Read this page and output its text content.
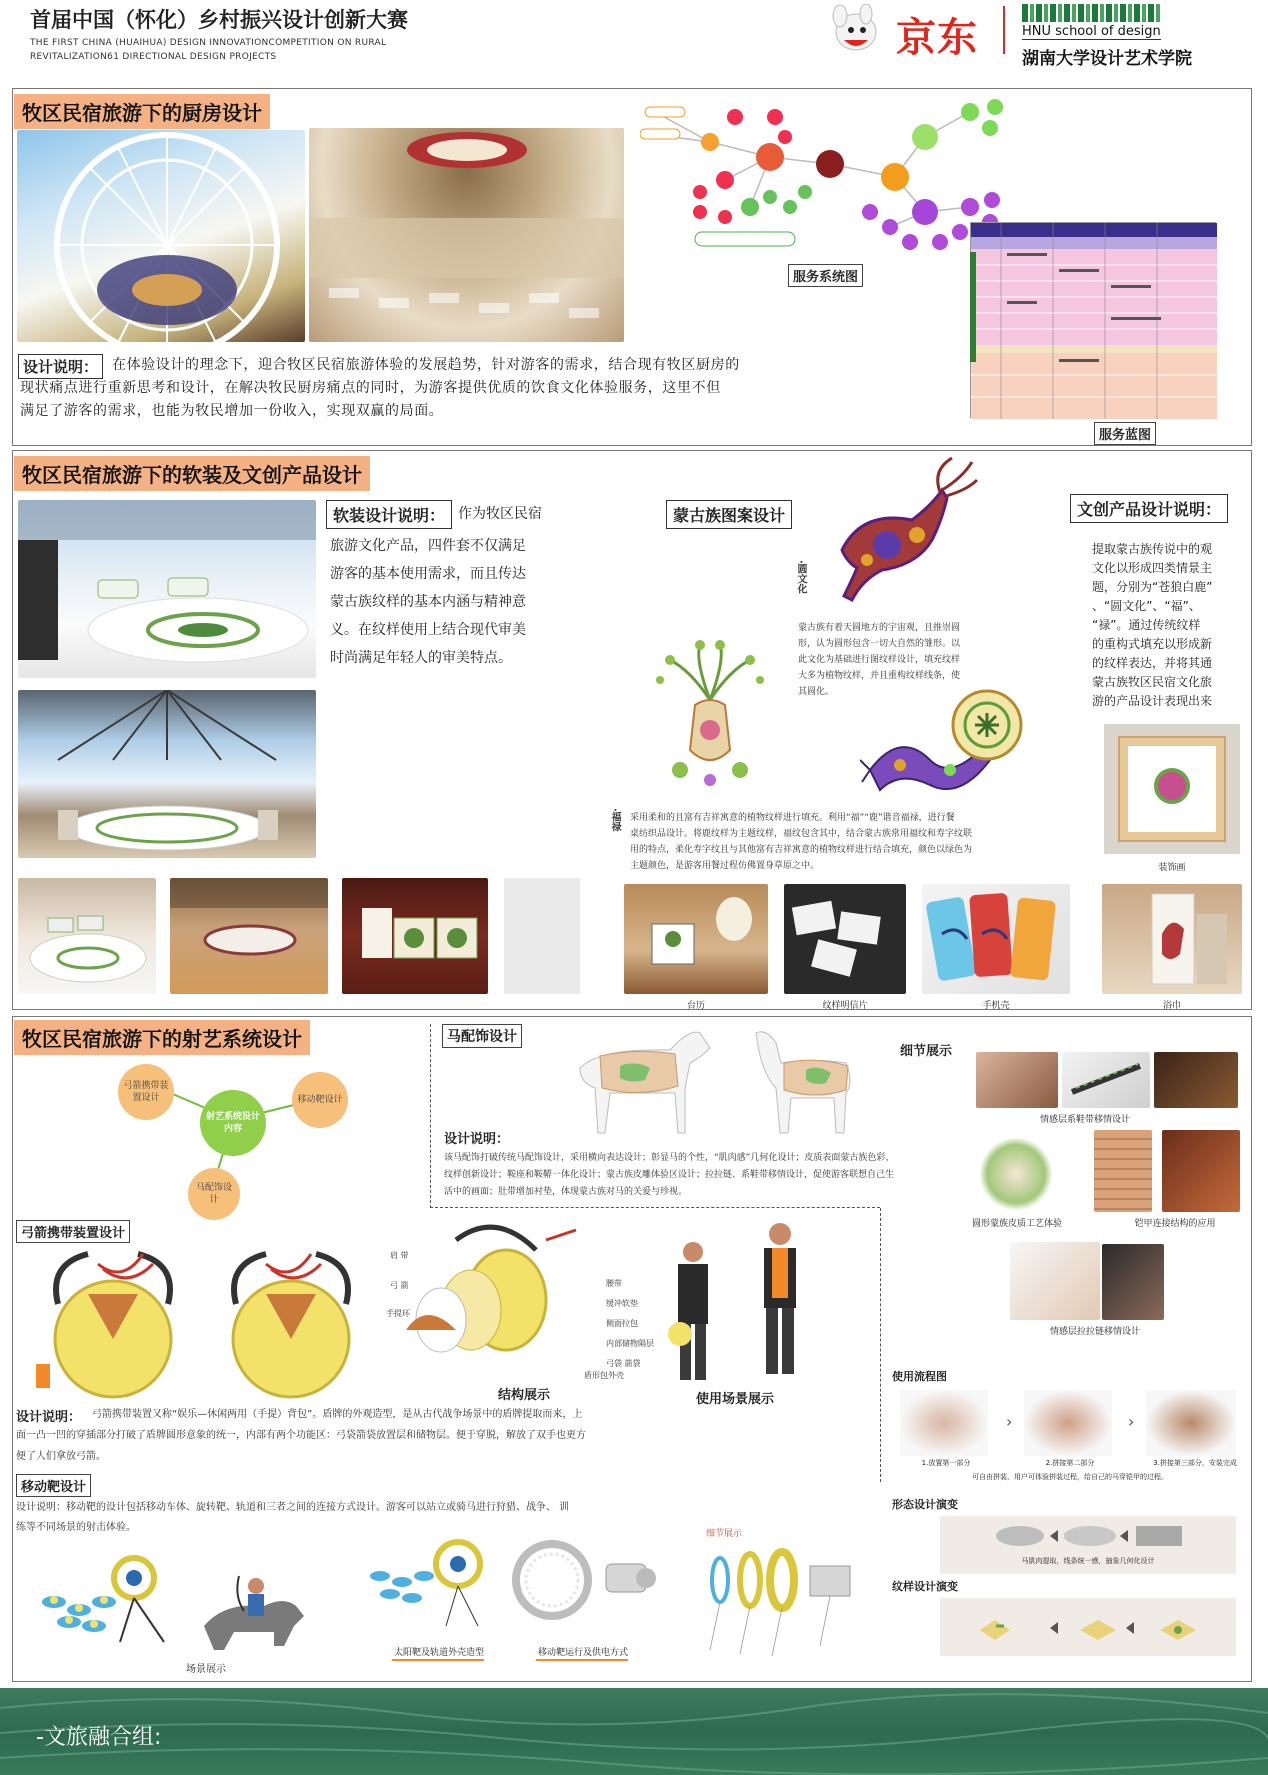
首届中国（怀化）乡村振兴设计创新大赛
THE FIRST CHINA (HUAIHUA) DESIGN INNOVATIONCOMPETITION ON RURAL
REVITALIZATION61 DIRECTIONAL DESIGN PROJECTS	京东	HNU school of design
湖南大学设计艺术学院
牧区民宿旅游下的厨房设计
服务系统图
服务蓝图
设计说明： 在体验设计的理念下，迎合牧区民宿旅游体验的发展趋势，针对游客的需求，结合现有牧区厨房的
现状痛点进行重新思考和设计，在解决牧民厨房痛点的同时，为游客提供优质的饮食文化体验服务，这里不但
满足了游客的需求，也能为牧民增加一份收入，实现双赢的局面。
牧区民宿旅游下的软装及文创产品设计
软装设计说明： 作为牧区民宿
旅游文化产品，四件套不仅满足
游客的基本使用需求，而且传达
蒙古族纹样的基本内涵与精神意
义。在纹样使用上结合现代审美
时尚满足年轻人的审美特点。
蒙古族图案设计
·圆文化
蒙古族有着天圆地方的宇宙观，且推崇圆
形，认为圆形包含一切大自然的雏形。以
此文化为基础进行图纹样设计，填充纹样
大多为植物纹样，并且重构纹样线条，使
其圆化。
·福禄 采用柔和的且富有吉祥寓意的植物纹样进行填充。利用“福”“鹿”谐音福禄，进行餐
桌纺织品设计。将鹿纹样为主题纹样，福纹包含其中，结合蒙古族常用福纹和寿字纹联
用的特点，柔化寿字纹且与其他富有吉祥寓意的植物纹样进行结合填充，颜色以绿色为
主题颜色，是游客用餐过程仿佛置身草原之中。
文创产品设计说明：
提取蒙古族传说中的观
文化以形成四类情景主
题，分别为“苍狼白鹿”
、“圆文化”、“福”、
“禄”。通过传统纹样
的重构式填充以形成新
的纹样表达，并将其通
蒙古族牧区民宿文化旅
游的产品设计表现出来
装饰画
台历	纹样明信片	手机壳	浴巾
牧区民宿旅游下的射艺系统设计
射艺系统设计内容
弓箭携带装置设计	移动靶设计
马配饰设计
马配饰设计
设计说明：
该马配饰打破传统马配饰设计，采用横向表达设计；彰显马的个性，“肌肉感”几何化设计；皮质表面蒙古族色彩、
纹样创新设计；鞍座和鞍鞯一体化设计；蒙古族皮雕体验区设计；拉拉链、系鞋带移情设计，促使游客联想自己生
活中的画面；肚带增加衬垫，体现蒙古族对马的关爱与珍视。
细节展示
情感层系鞋带移情设计
圆形蒙族皮质工艺体验	铠甲连接结构的应用
情感层拉拉链移情设计
使用流程图
›	›
1.放置第一部分	2.拼接第二部分	3.拼接第三部分，安装完成
可自由拼装，用户可体验拼装过程，给自己的马穿铠甲的过程。
形态设计演变
马肌肉提取，线条统一感，抽象几何化设计
纹样设计演变
弓箭携带装置设计
肩 带
弓 箭
手提环
腰带
缓冲软垫
侧面拉包
内部储物隔层
弓袋 箭袋
盾形包外壳
结构展示	使用场景展示
设计说明： 弓箭携带装置又称“娱乐—休闲两用（手提）背包”。盾牌的外观造型，是从古代战争场景中的盾牌提取而来，上
面一凸一凹的穿插部分打破了盾牌圆形意象的统一，内部有两个功能区：弓袋箭袋放置层和储物层。便于穿脱，解放了双手也更方
便了人们拿放弓箭。
移动靶设计
设计说明：移动靶的设计包括移动车体、旋转靶、轨道和三者之间的连接方式设计。游客可以站立或骑马进行狩猎、战争、 训
练等不同场景的射击体验。
场景展示
太阳靶及轨道外壳造型	移动靶运行及供电方式
细节展示
-文旅融合组:
